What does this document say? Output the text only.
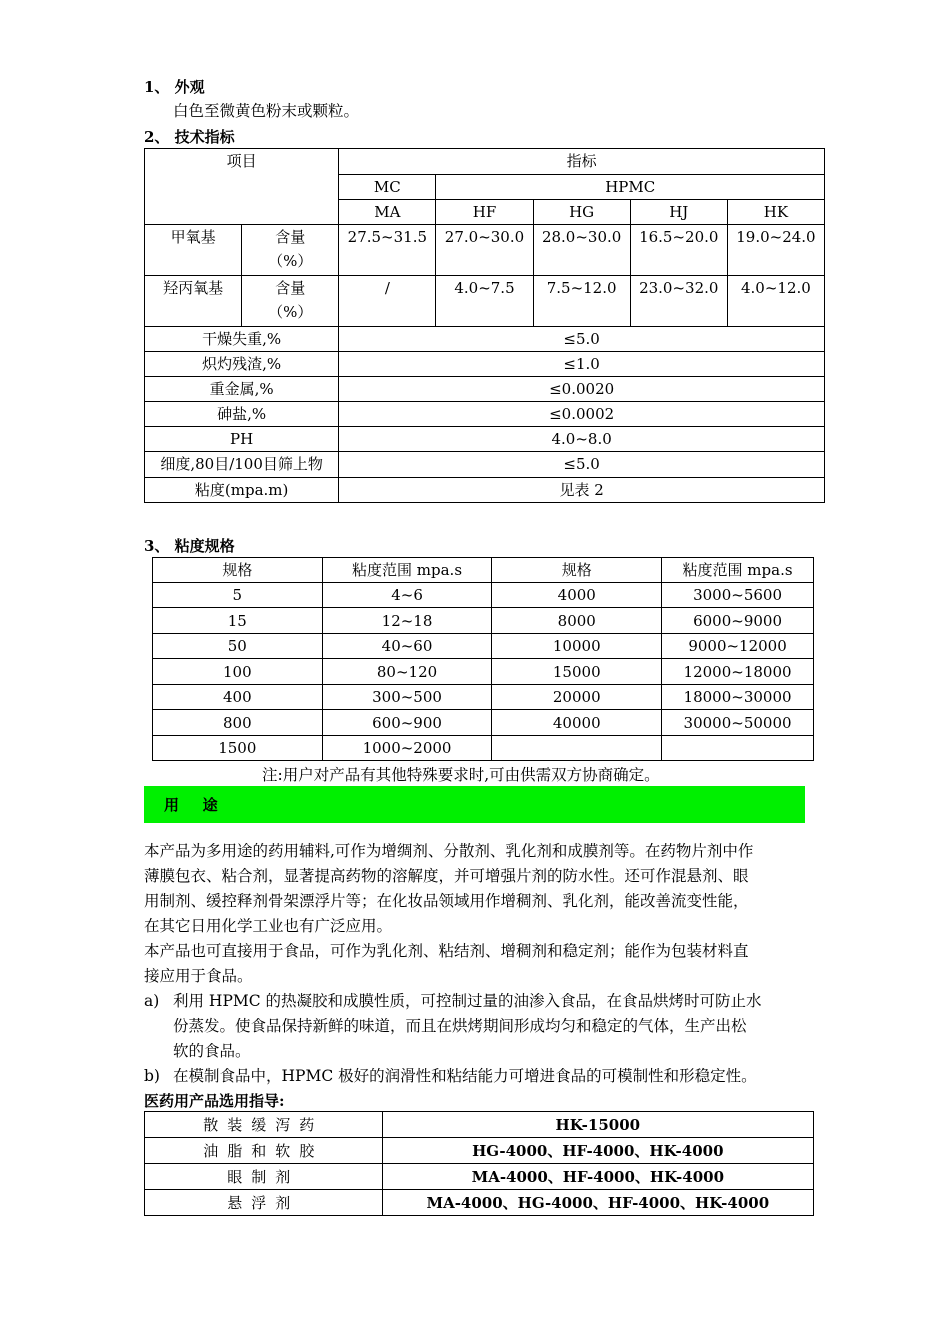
1、 外观
白色至微黄色粉末或颗粒。
2、 技术指标
项目		指标				
		MC	HPMC			
		MA	HF	HG	HJ	HK
甲氧基	含量（%）	27.5~31.5	27.0~30.0	28.0~30.0	16.5~20.0	19.0~24.0
羟丙氧基	含量（%）	/	4.0~7.5	7.5~12.0	23.0~32.0	4.0~12.0
干燥失重,%		≤5.0				
炽灼残渣,%		≤1.0				
重金属,%		≤0.0020				
砷盐,%		≤0.0002				
PH		4.0~8.0				
细度,80目/100目筛上物		≤5.0				
粘度(mpa.m)		见表 2				
3、 粘度规格
规格	粘度范围 mpa.s	规格	粘度范围 mpa.s
5	4~6	4000	3000~5600
15	12~18	8000	6000~9000
50	40~60	10000	9000~12000
100	80~120	15000	12000~18000
400	300~500	20000	18000~30000
800	600~900	40000	30000~50000
1500	1000~2000		
注:用户对产品有其他特殊要求时,可由供需双方协商确定。
用   途
本产品为多用途的药用辅料,可作为增绸剂、分散剂、乳化剂和成膜剂等。在药物片剂中作
薄膜包衣、粘合剂，显著提高药物的溶解度，并可增强片剂的防水性。还可作混悬剂、眼
用制剂、缓控释剂骨架漂浮片等；在化妆品领域用作增稠剂、乳化剂，能改善流变性能，
在其它日用化学工业也有广泛应用。
本产品也可直接用于食品，可作为乳化剂、粘结剂、增稠剂和稳定剂；能作为包装材料直
接应用于食品。
a) 利用 HPMC 的热凝胶和成膜性质，可控制过量的油渗入食品，在食品烘烤时可防止水
份蒸发。使食品保持新鲜的味道，而且在烘烤期间形成均匀和稳定的气体，生产出松
软的食品。
b) 在模制食品中，HPMC 极好的润滑性和粘结能力可增进食品的可模制性和形稳定性。
医药用产品选用指导:
散装缓泻药	HK-15000
油脂和软胶	HG-4000、HF-4000、HK-4000
眼制剂	MA-4000、HF-4000、HK-4000
悬浮剂	MA-4000、HG-4000、HF-4000、HK-4000
